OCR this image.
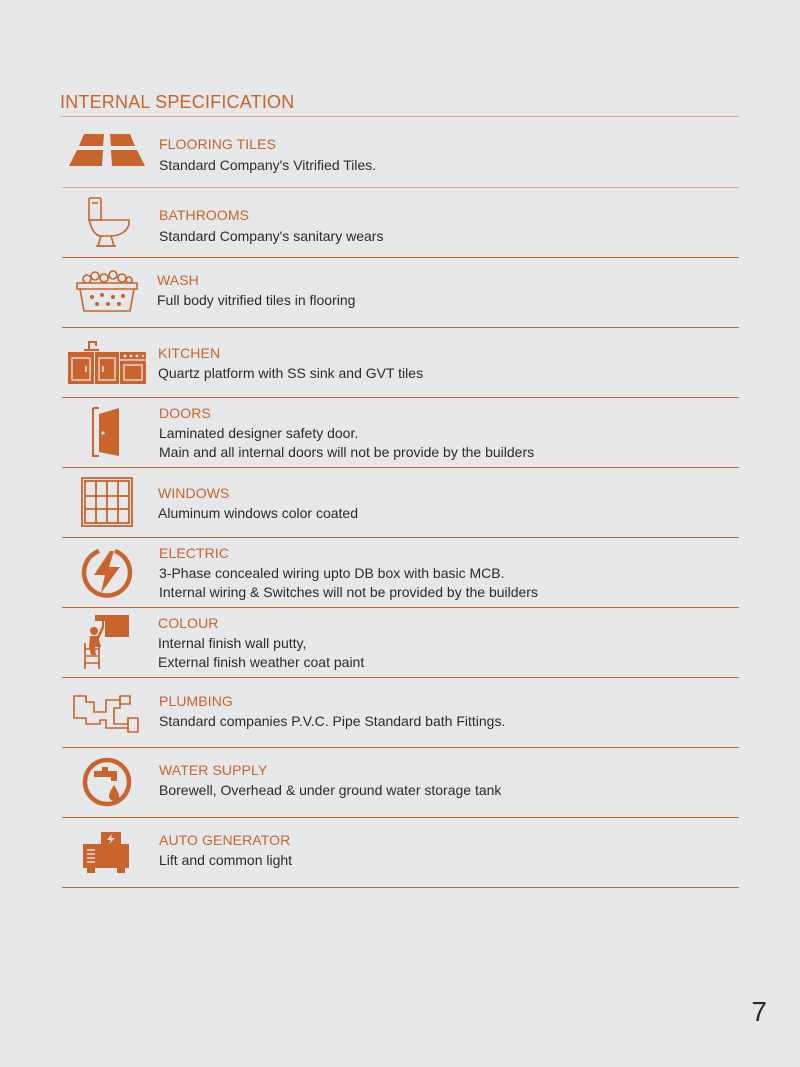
INTERNAL SPECIFICATION
FLOORING TILES
Standard Company's Vitrified Tiles.
BATHROOMS
Standard Company's sanitary wears
WASH
Full body vitrified tiles in flooring
KITCHEN
Quartz platform with SS sink and GVT tiles
DOORS
Laminated designer safety door.
Main and all internal doors will not be provide by the builders
WINDOWS
Aluminum windows color coated
ELECTRIC
3-Phase concealed wiring upto DB box with basic MCB.
Internal wiring & Switches will not be provided by the builders
COLOUR
Internal finish wall putty,
External finish weather coat paint
PLUMBING
Standard companies P.V.C. Pipe Standard bath Fittings.
WATER SUPPLY
Borewell, Overhead & under ground water storage tank
AUTO GENERATOR
Lift and common light
7
